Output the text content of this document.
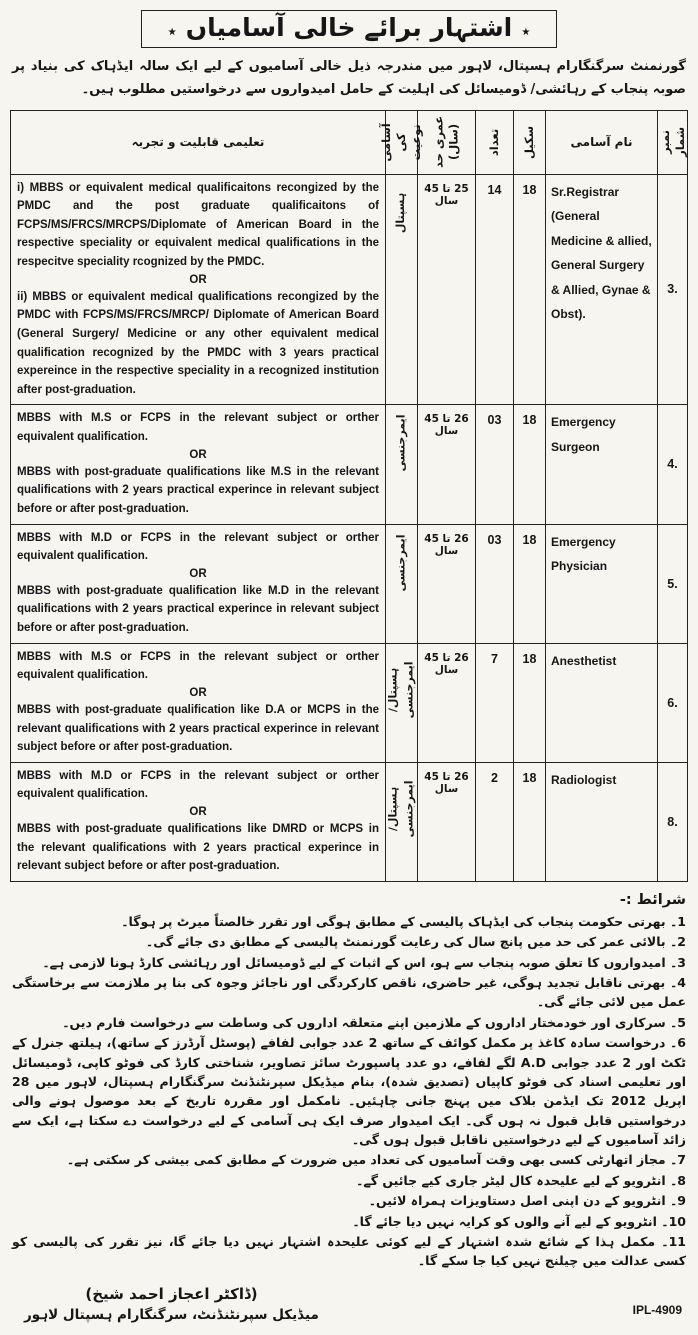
٭اشتہار برائے خالی آسامیاں٭

گورنمنٹ سرگنگارام ہسپتال، لاہور میں مندرجہ ذیل خالی آسامیوں کے لیے ایک سالہ ایڈہاک کی بنیاد پر صوبہ پنجاب کے رہائشی/ ڈومیسائل کی اہلیت کے حامل امیدواروں سے درخواستیں مطلوب ہیں۔

نمبر شمار	نام آسامی	سکیل	تعداد	عمری حد (سال)	آسامی کی نوعیت	تعلیمی قابلیت و تجربہ
3.	Sr.Registrar (General Medicine & allied, General Surgery & Allied, Gynae & Obst).	18	14	25 تا 45 سال	ہسپتال	i) MBBS or equivalent medical qualificaitons recongized by the PMDC and the post graduate qualificaitons of FCPS/MS/FRCS/MRCPS/Diplomate of American Board in the respective speciality or equivalent medical qualifications in the respecitve speciality rcognized by the PMDC.
OR
ii) MBBS or equivalent medical qualifications recongized by the PMDC with FCPS/MS/FRCS/MRCP/ Diplomate of American Board (General Surgery/ Medicine or any other equivalent medical qualification recognized by the PMDC with 3 years practical expereince in the respective speciality in a recognized institution after post-graduation.

4.	Emergency Surgeon	18	03	26 تا 45 سال	ایمرجنسی	MBBS with M.S or FCPS in the relevant subject or orther equivalent qualification.
OR
MBBS with post-graduate qualifications like M.S in the relevant qualifications with 2 years practical experince in relevant subject before or after post-graduation.

5.	Emergency Physician	18	03	26 تا 45 سال	ایمرجنسی	MBBS with M.D or FCPS in the relevant subject or orther equivalent qualification.
OR
MBBS with post-graduate qualification like M.D in the relevant qualifications with 2 years practical experince in relevant subject before or after post-graduation.

6.	Anesthetist	18	7	26 تا 45 سال	ہسپتال/ ایمرجنسی	MBBS with M.S or FCPS in the relevant subject or orther equivalent qualification.
OR
MBBS with post-graduate qualification like D.A or MCPS in the relevant qualifications with 2 years practical experince in relevant subject before or after post-graduation.

8.	Radiologist	18	2	26 تا 45 سال	ہسپتال/ ایمرجنسی	MBBS with M.D or FCPS in the relevant subject or orther equivalent qualification.
OR
MBBS with post-graduate qualifications like DMRD or MCPS in the relevant qualifications with 2 years practical experince in relevant subject before or after post-graduation.
شرائط :-
1۔ بھرتی حکومت پنجاب کی ایڈہاک پالیسی کے مطابق ہوگی اور تقرر خالصتاً میرٹ پر ہوگا۔
2۔ بالائی عمر کی حد میں پانچ سال کی رعایت گورنمنٹ پالیسی کے مطابق دی جائے گی۔
3۔ امیدواروں کا تعلق صوبہ پنجاب سے ہو، اس کے اثبات کے لیے ڈومیسائل اور رہائشی کارڈ ہونا لازمی ہے۔
4۔ بھرتی ناقابل تجدید ہوگی، غیر حاضری، ناقص کارکردگی اور ناجائز وجوہ کی بنا پر ملازمت سے برخاستگی عمل میں لائی جائے گی۔
5۔ سرکاری اور خودمختار اداروں کے ملازمین اپنے متعلقہ اداروں کی وساطت سے درخواست فارم دیں۔
6۔ درخواست سادہ کاغذ پر مکمل کوائف کے ساتھ 2 عدد جوابی لفافے (پوسٹل آرڈرز کے ساتھ)، ہیلتھ جنرل کے ٹکٹ اور 2 عدد جوابی A.D لگے لفافے، دو عدد پاسپورٹ سائز تصاویر، شناختی کارڈ کی فوٹو کاپی، ڈومیسائل اور تعلیمی اسناد کی فوٹو کاپیاں (تصدیق شدہ)، بنام میڈیکل سپرنٹنڈنٹ سرگنگارام ہسپتال، لاہور میں 28 اپریل 2012 تک ایڈمن بلاک میں پہنچ جانی چاہئیں۔ نامکمل اور مقررہ تاریخ کے بعد موصول ہونے والی درخواستیں قابل قبول نہ ہوں گی۔ ایک امیدوار صرف ایک ہی آسامی کے لیے درخواست دے سکتا ہے، ایک سے زائد آسامیوں کے لیے درخواستیں ناقابل قبول ہوں گی۔
7۔ مجاز اتھارٹی کسی بھی وقت آسامیوں کی تعداد میں ضرورت کے مطابق کمی بیشی کر سکتی ہے۔
8۔ انٹرویو کے لیے علیحدہ کال لیٹر جاری کیے جائیں گے۔
9۔ انٹرویو کے دن اپنی اصل دستاویزات ہمراہ لائیں۔
10۔ انٹرویو کے لیے آنے والوں کو کرایہ نہیں دیا جائے گا۔
11۔ مکمل ہذا کے شائع شدہ اشتہار کے لیے کوئی علیحدہ اشتہار نہیں دیا جائے گا، نیز تقرر کی پالیسی کو کسی عدالت میں چیلنج نہیں کیا جا سکے گا۔
(ڈاکٹر اعجاز احمد شیخ)
میڈیکل سپرنٹنڈنٹ، سرگنگارام ہسپتال لاہور	IPL-4909
